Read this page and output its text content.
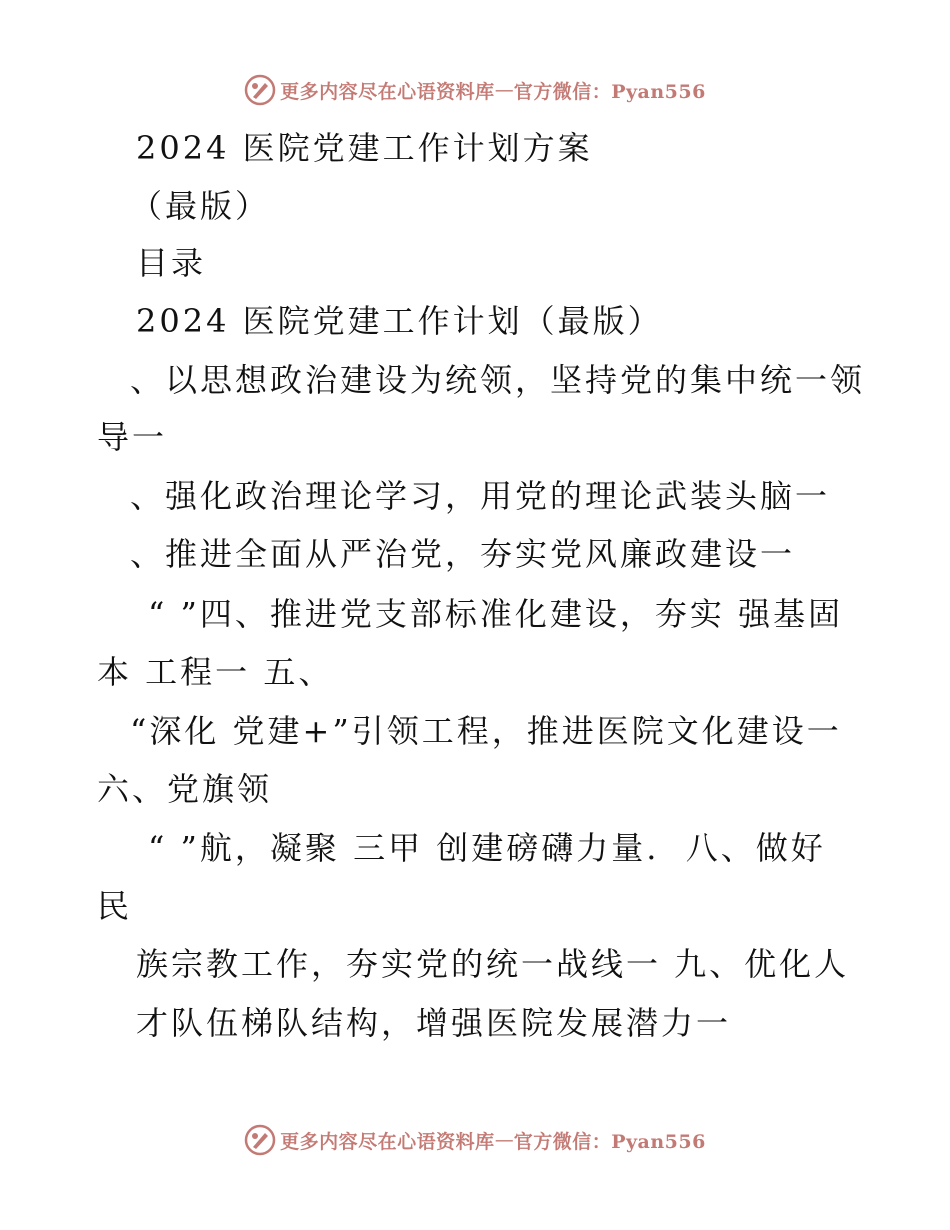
更多内容尽在心语资料库 — 官方微信：Pyan556
2024 医院党建工作计划方案
（最版）
目录
2024 医院党建工作计划（最版）
、以思想政治建设为统领，坚持党的集中统一领
导一
、强化政治理论学习，用党的理论武装头脑一
、推进全面从严治党，夯实党风廉政建设一
“ ”四、推进党支部标准化建设，夯实 强基固
本 工程一 五、
“深化 党建+”引领工程，推进医院文化建设一
六、党旗领
“ ”航，凝聚 三甲 创建磅礴力量.  八、做好
民
族宗教工作，夯实党的统一战线一 九、优化人
才队伍梯队结构，增强医院发展潜力一
更多内容尽在心语资料库 — 官方微信：Pyan556
